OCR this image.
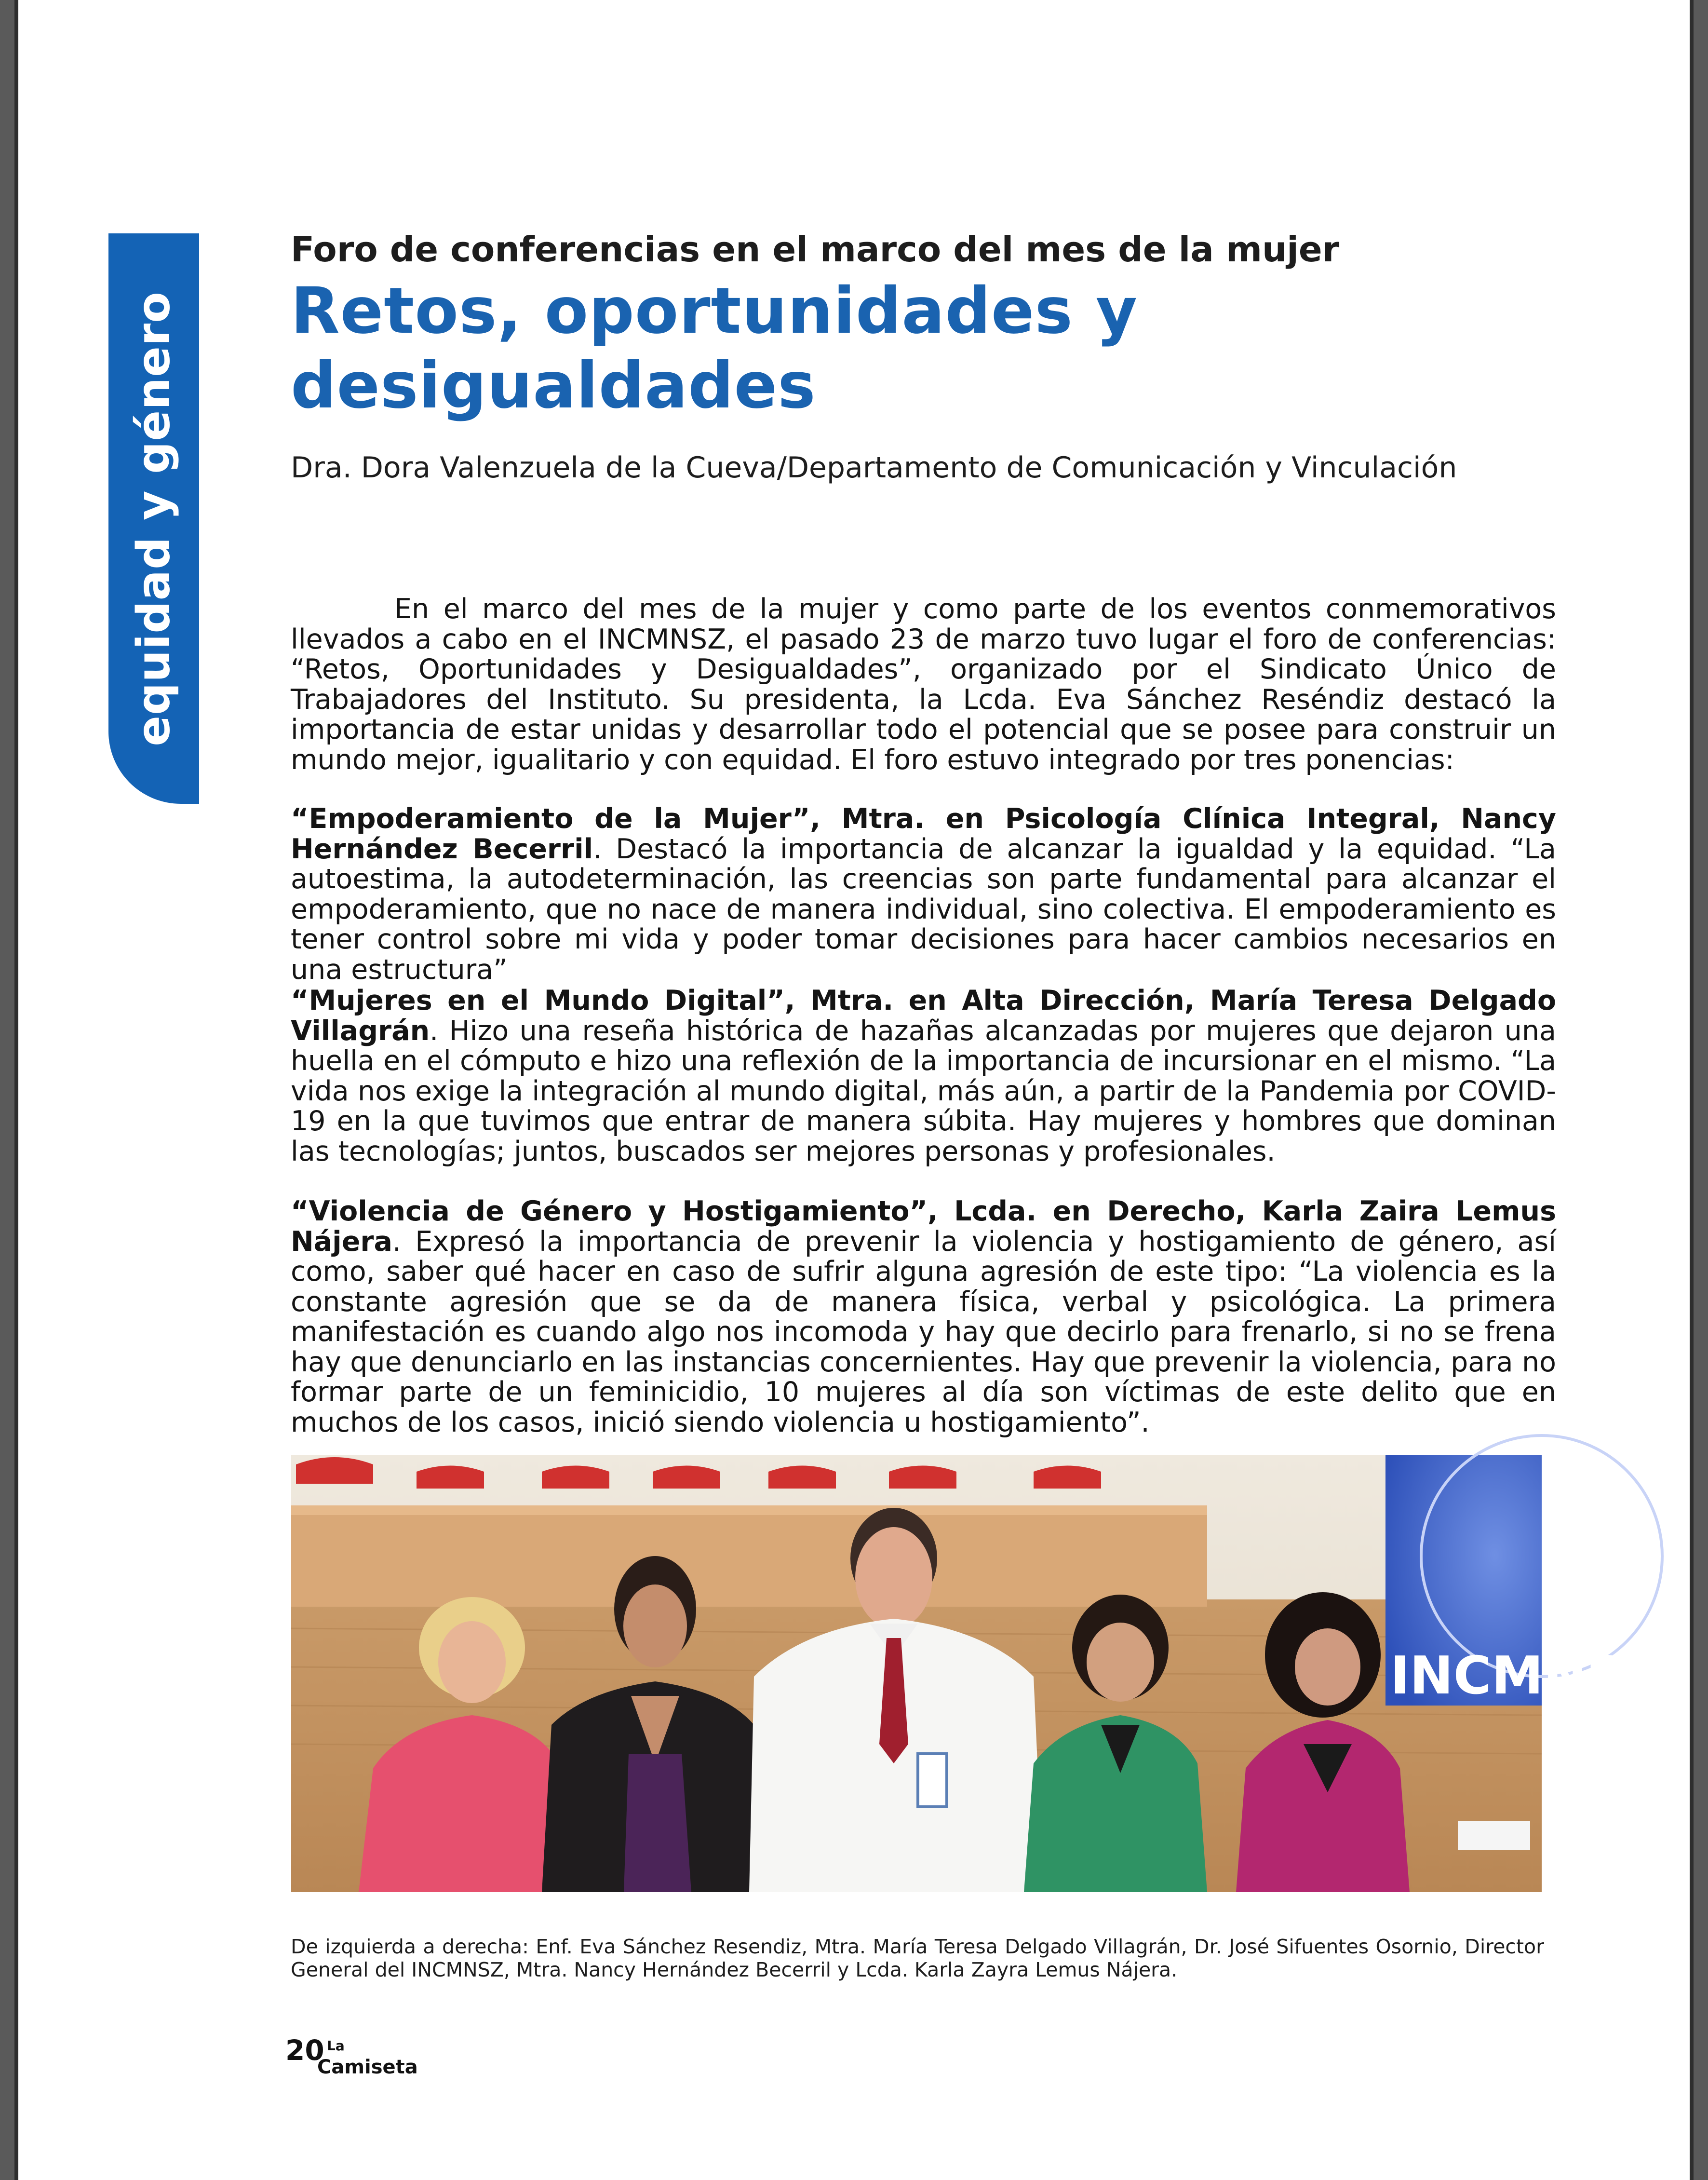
equidad y género
Foro de conferencias en el marco del mes de la mujer
Retos, oportunidades y
desigualdades
Dra. Dora Valenzuela de la Cueva/Departamento de Comunicación y Vinculación

En el marco del mes de la mujer y como parte de los eventos conmemorativos llevados a cabo en el INCMNSZ, el pasado 23 de marzo tuvo lugar el foro de conferencias: “Retos, Oportunidades y Desigualdades”, organizado por el Sindicato Único de Trabajadores del Instituto. Su presidenta, la Lcda. Eva Sánchez Reséndiz destacó la importancia de estar unidas y desarrollar todo el potencial que se posee para construir un mundo mejor, igualitario y con equidad. El foro estuvo integrado por tres ponencias:

“Empoderamiento de la Mujer”, Mtra. en Psicología Clínica Integral, Nancy Hernández Becerril. Destacó la importancia de alcanzar la igualdad y la equidad. “La autoestima, la autodeterminación, las creencias son parte fundamental para alcanzar el empoderamiento, que no nace de manera individual, sino colectiva. El empoderamiento es tener control sobre mi vida y poder tomar decisiones para hacer cambios necesarios en una estructura”

“Mujeres en el Mundo Digital”, Mtra. en Alta Dirección, María Teresa Delgado Villagrán. Hizo una reseña histórica de hazañas alcanzadas por mujeres que dejaron una huella en el cómputo e hizo una reflexión de la importancia de incursionar en el mismo. “La vida nos exige la integración al mundo digital, más aún, a partir de la Pandemia por COVID-19 en la que tuvimos que entrar de manera súbita. Hay mujeres y hombres que dominan las tecnologías; juntos, buscados ser mejores personas y profesionales.

“Violencia de Género y Hostigamiento”, Lcda. en Derecho, Karla Zaira Lemus Nájera. Expresó la importancia de prevenir la violencia y hostigamiento de género, así como, saber qué hacer en caso de sufrir alguna agresión de este tipo: “La violencia es la constante agresión que se da de manera física, verbal y psicológica. La primera manifestación es cuando algo nos incomoda y hay que decirlo para frenarlo, si no se frena hay que denunciarlo en las instancias concernientes. Hay que prevenir la violencia, para no formar parte de un feminicidio, 10 mujeres al día son víctimas de este delito que en muchos de los casos, inició siendo violencia u hostigamiento”.

INCMNSZ
De izquierda a derecha: Enf. Eva Sánchez Resendiz, Mtra. María Teresa Delgado Villagrán, Dr. José Sifuentes Osornio, Director General del INCMNSZ, Mtra. Nancy Hernández Becerril y Lcda. Karla Zayra Lemus Nájera.
20 La
Camiseta
